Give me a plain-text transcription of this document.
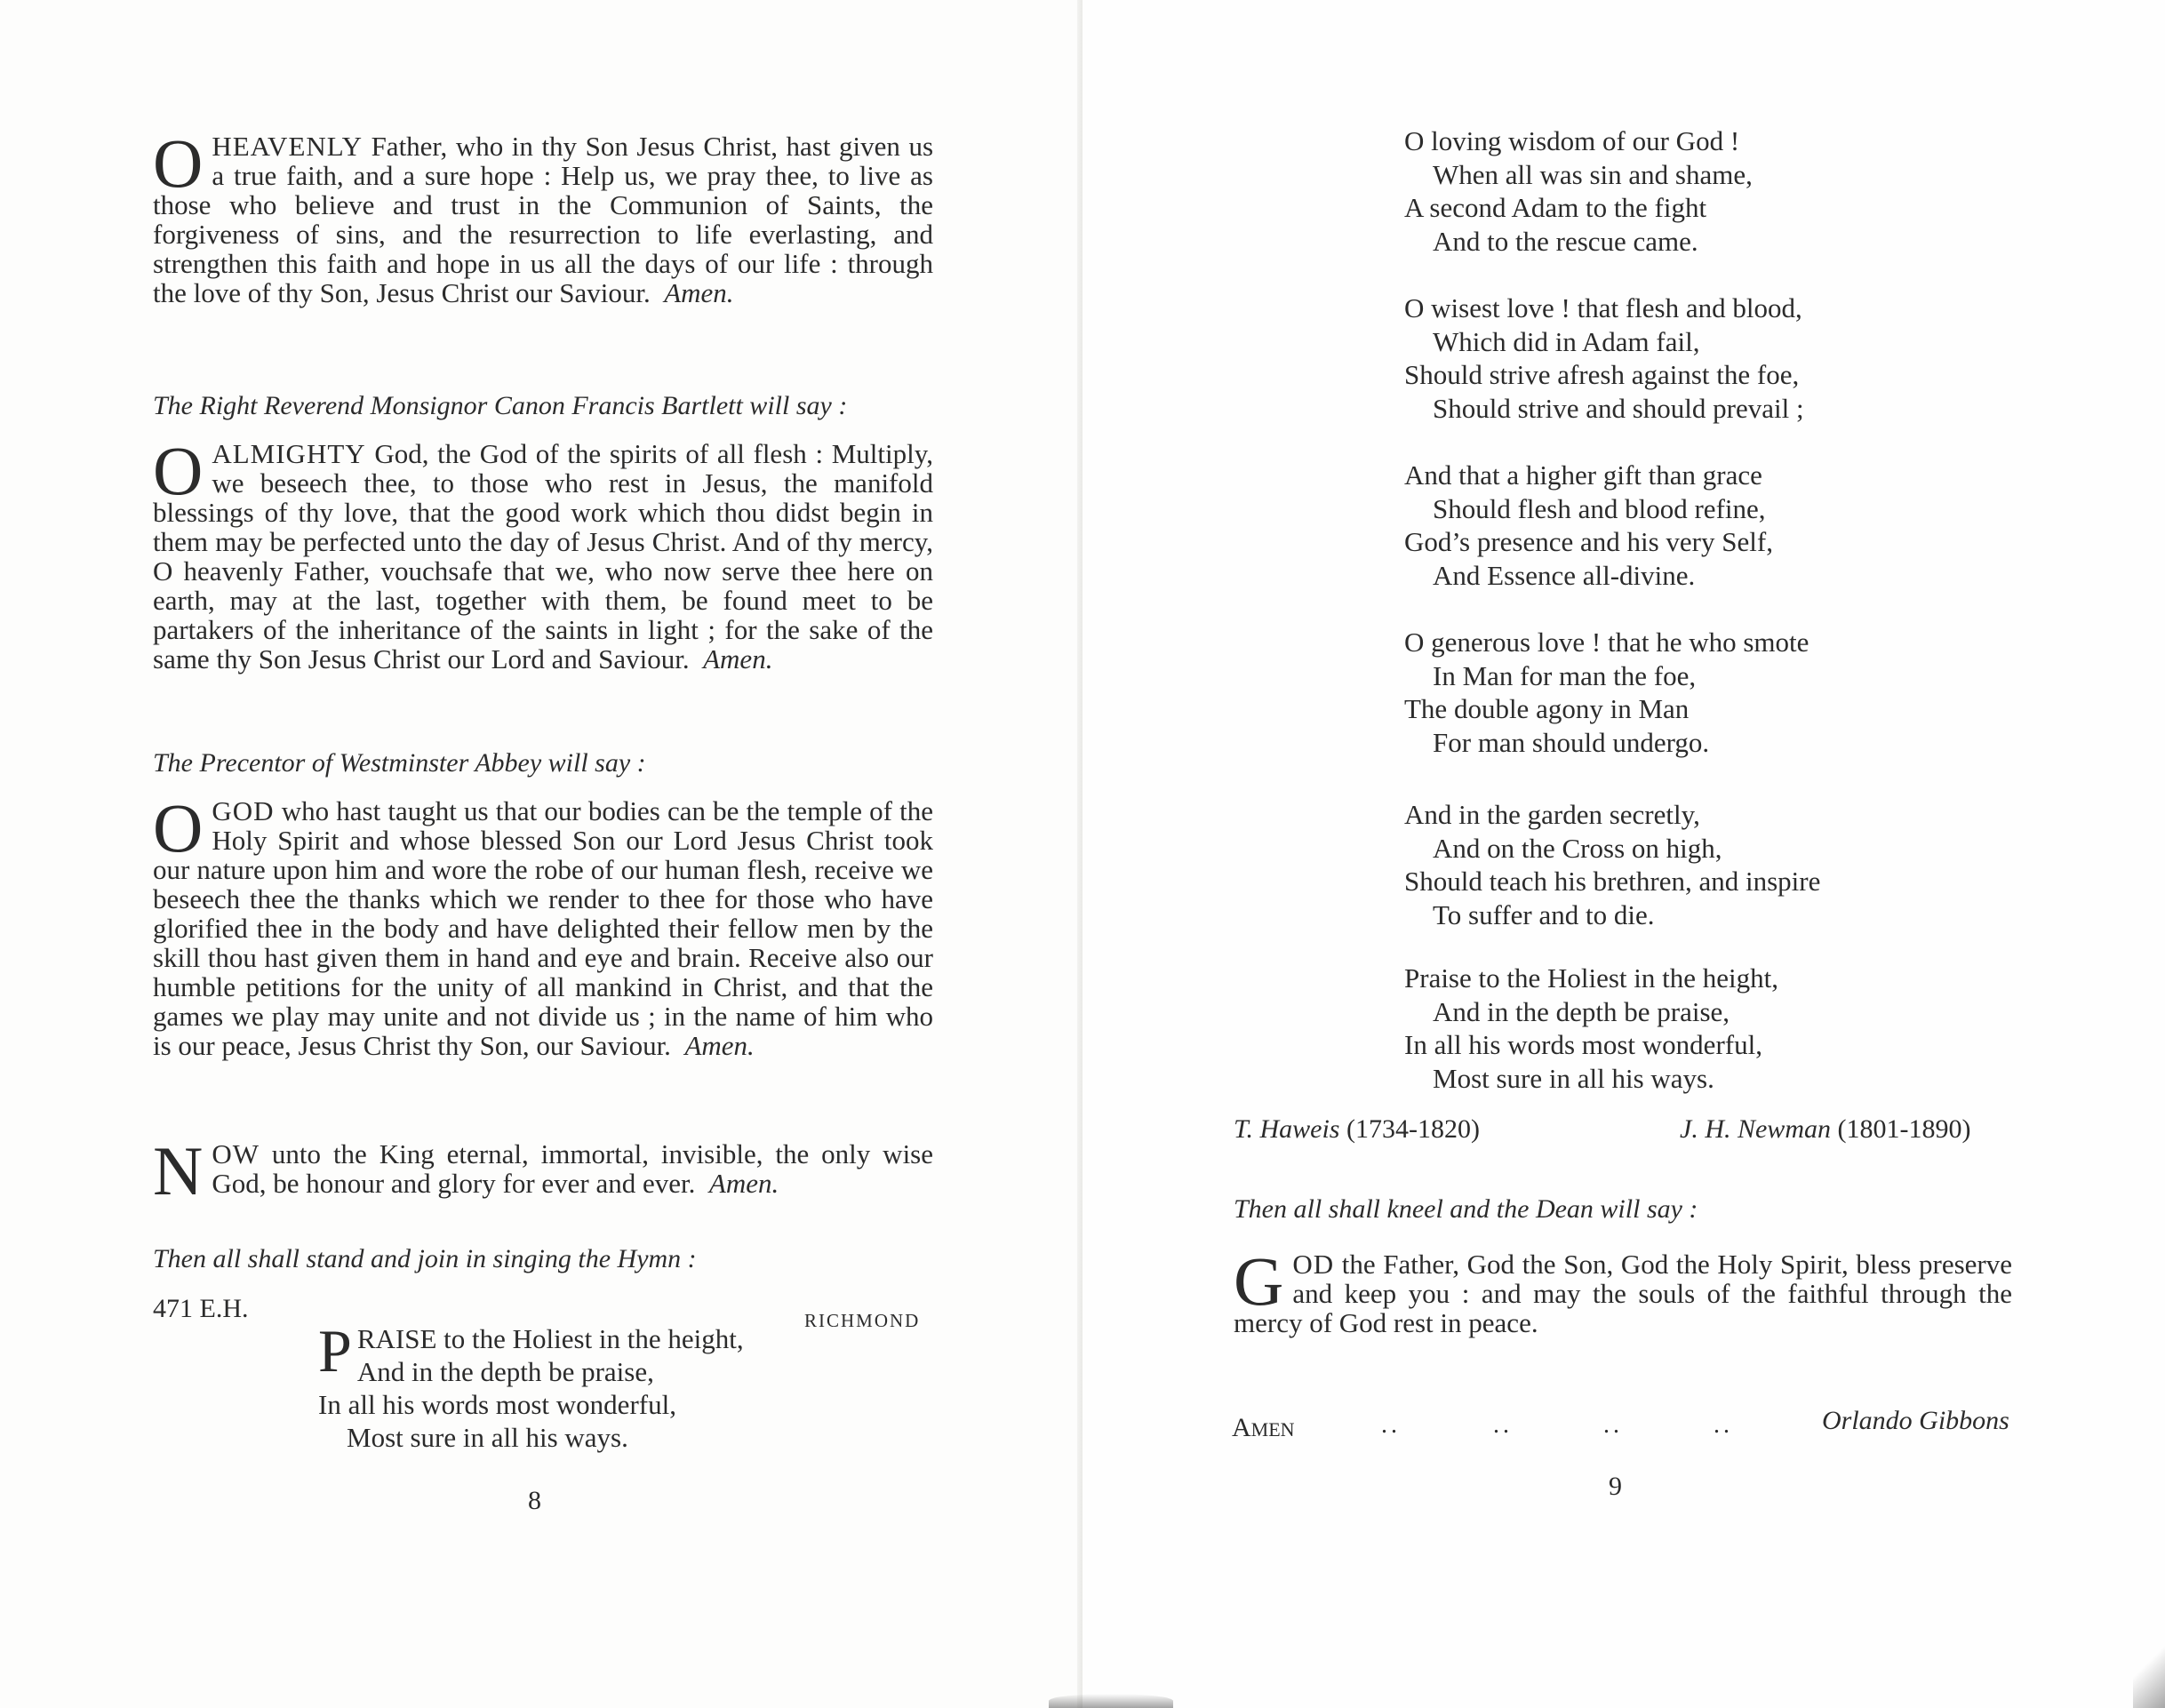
OHEAVENLY Father, who in thy Son Jesus Christ, hast given us a true faith, and a sure hope : Help us, we pray thee, to live as those who believe and trust in the Communion of Saints, the forgiveness of sins, and the resurrection to life everlasting, and strengthen this faith and hope in us all the days of our life : through the love of thy Son, Jesus Christ our Saviour. Amen.

The Right Reverend Monsignor Canon Francis Bartlett will say :

OALMIGHTY God, the God of the spirits of all flesh : Multiply, we beseech thee, to those who rest in Jesus, the manifold blessings of thy love, that the good work which thou didst begin in them may be perfected unto the day of Jesus Christ. And of thy mercy, O heavenly Father, vouchsafe that we, who now serve thee here on earth, may at the last, together with them, be found meet to be partakers of the inheritance of the saints in light ; for the sake of the same thy Son Jesus Christ our Lord and Saviour. Amen.

The Precentor of Westminster Abbey will say :

OGOD who hast taught us that our bodies can be the temple of the Holy Spirit and whose blessed Son our Lord Jesus Christ took our nature upon him and wore the robe of our human flesh, receive we beseech thee the thanks which we render to thee for those who have glorified thee in the body and have delighted their fellow men by the skill thou hast given them in hand and eye and brain. Receive also our humble petitions for the unity of all mankind in Christ, and that the games we play may unite and not divide us ; in the name of him who is our peace, Jesus Christ thy Son, our Saviour. Amen.

NOW unto the King eternal, immortal, invisible, the only wise God, be honour and glory for ever and ever. Amen.

Then all shall stand and join in singing the Hymn :

471 E.H.	RICHMOND
P RAISE to the Holiest in the height,
And in the depth be praise,
In all his words most wonderful,
Most sure in all his ways.
8
O loving wisdom of our God !
When all was sin and shame,
A second Adam to the fight
And to the rescue came.
O wisest love ! that flesh and blood,
Which did in Adam fail,
Should strive afresh against the foe,
Should strive and should prevail ;
And that a higher gift than grace
Should flesh and blood refine,
God’s presence and his very Self,
And Essence all-divine.
O generous love ! that he who smote
In Man for man the foe,
The double agony in Man
For man should undergo.
And in the garden secretly,
And on the Cross on high,
Should teach his brethren, and inspire
To suffer and to die.
Praise to the Holiest in the height,
And in the depth be praise,
In all his words most wonderful,
Most sure in all his ways.
T. Haweis (1734-1820)	J. H. Newman (1801-1890)

Then all shall kneel and the Dean will say :

GOD the Father, God the Son, God the Holy Spirit, bless preserve and keep you : and may the souls of the faithful through the mercy of God rest in peace.

AMEN	..	..	..	..	Orlando Gibbons
9
